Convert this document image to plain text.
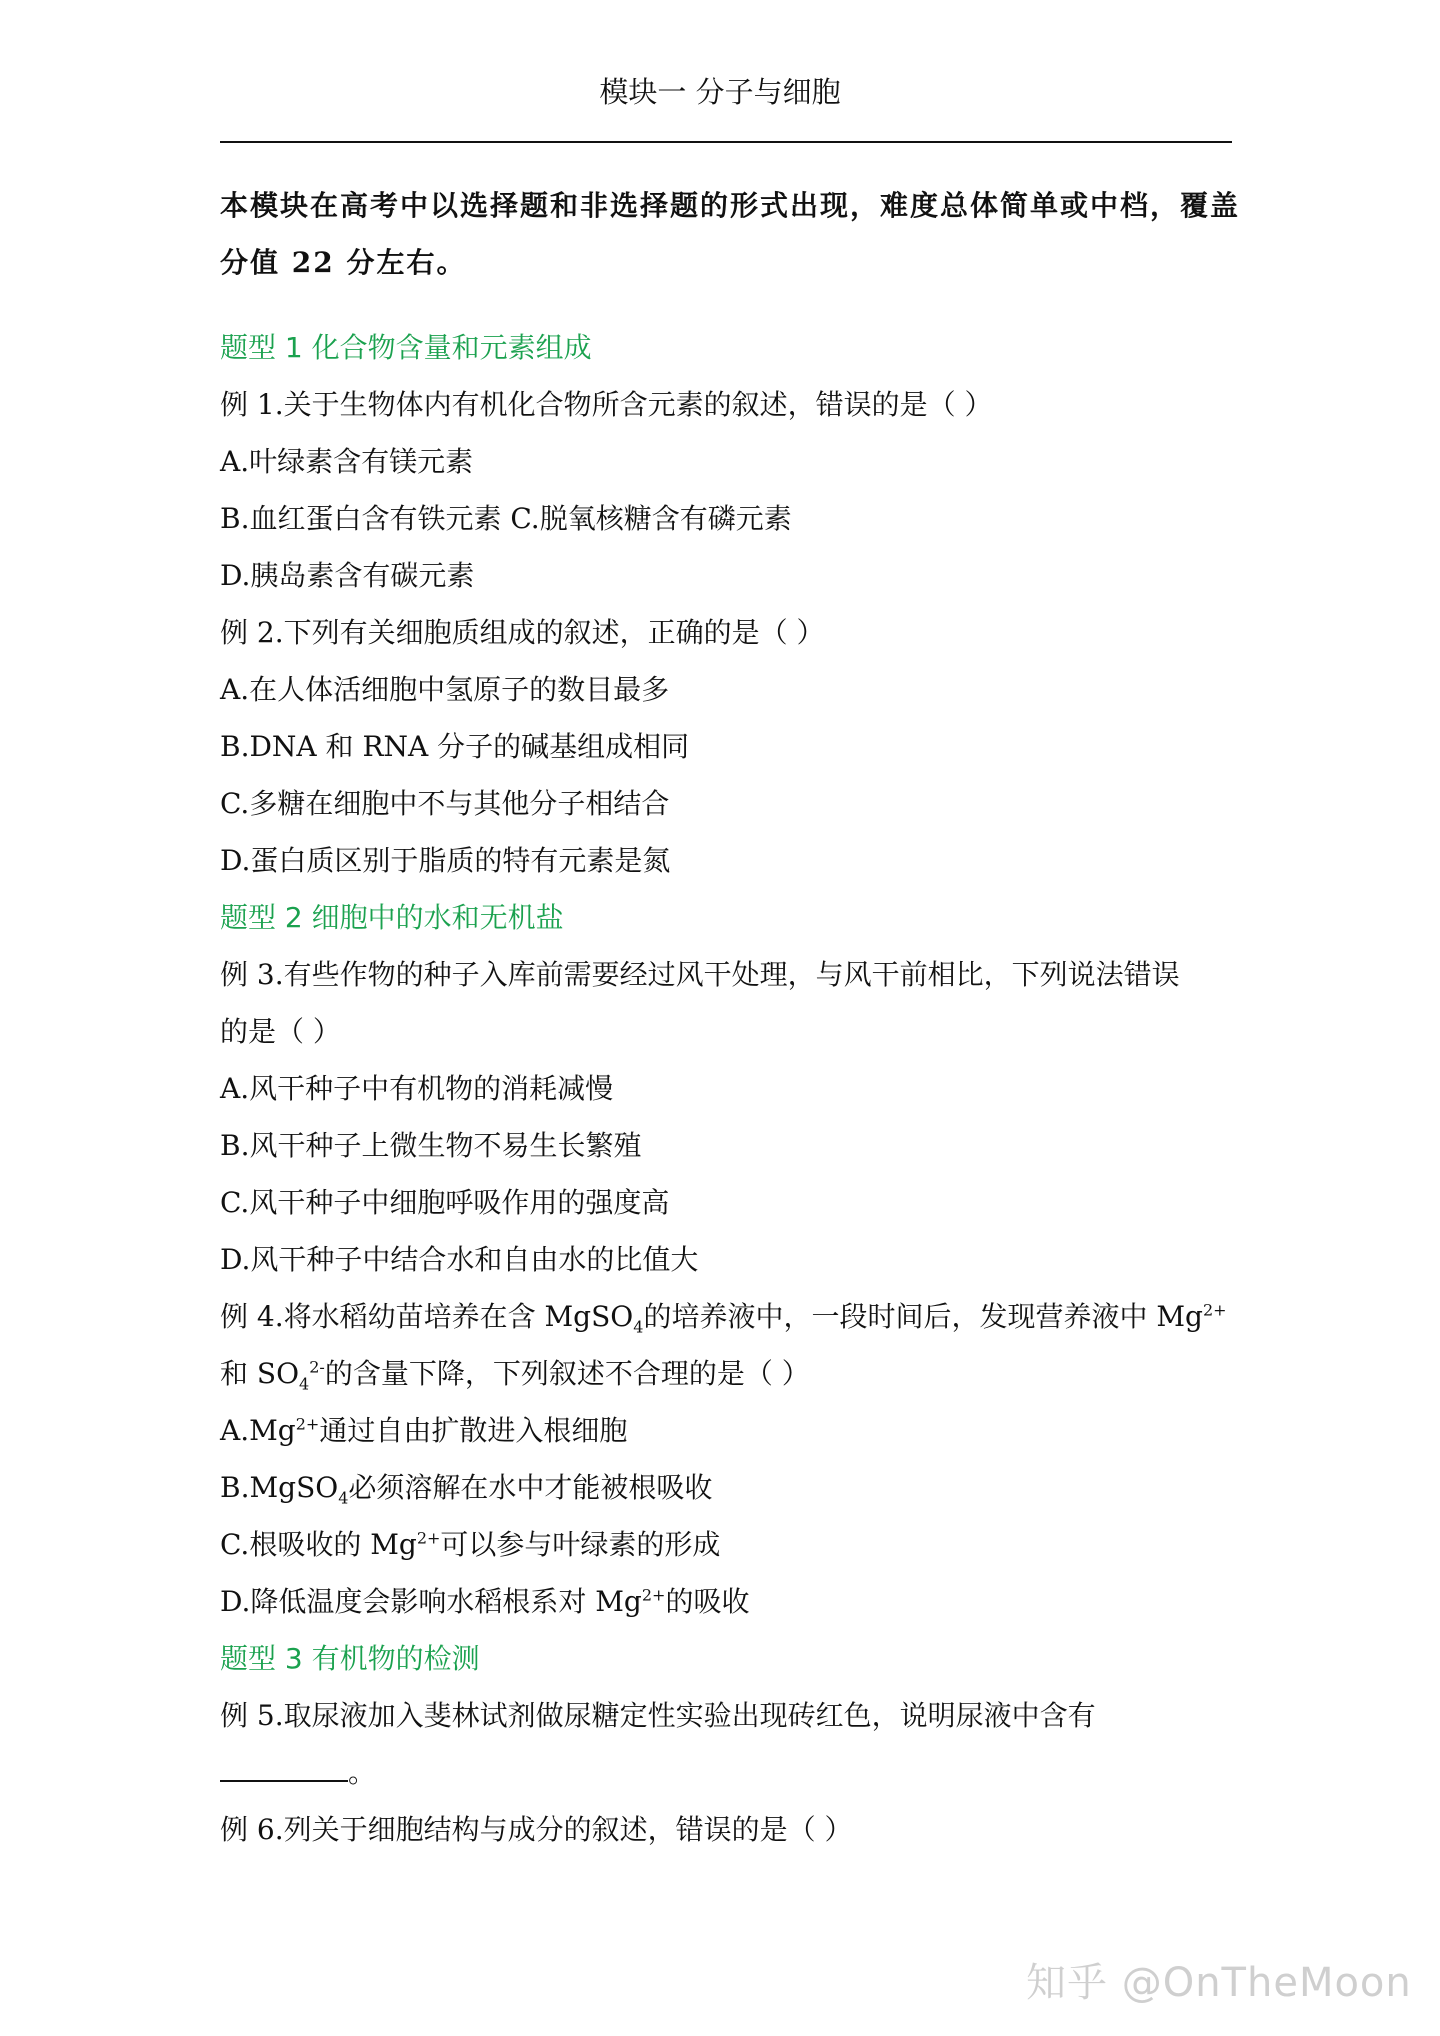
模块一 分子与细胞
本模块在高考中以选择题和非选择题的形式出现，难度总体简单或中档，覆盖
分值 22 分左右。
题型 1 化合物含量和元素组成
例 1.关于生物体内有机化合物所含元素的叙述，错误的是（ ）
A.叶绿素含有镁元素
B.血红蛋白含有铁元素 C.脱氧核糖含有磷元素
D.胰岛素含有碳元素
例 2.下列有关细胞质组成的叙述，正确的是（ ）
A.在人体活细胞中氢原子的数目最多
B.DNA 和 RNA 分子的碱基组成相同
C.多糖在细胞中不与其他分子相结合
D.蛋白质区别于脂质的特有元素是氮
题型 2 细胞中的水和无机盐
例 3.有些作物的种子入库前需要经过风干处理，与风干前相比，下列说法错误
的是（ ）
A.风干种子中有机物的消耗减慢
B.风干种子上微生物不易生长繁殖
C.风干种子中细胞呼吸作用的强度高
D.风干种子中结合水和自由水的比值大
例 4.将水稻幼苗培养在含 MgSO$_4$的培养液中，一段时间后，发现营养液中 $Mg^{2+}$
和 $SO_4^{2-}$的含量下降，下列叙述不合理的是（ ）
$A.Mg^{2+}$通过自由扩散进入根细胞
B.MgSO$_4$必须溶解在水中才能被根吸收
C.根吸收的 $Mg^{2+}$可以参与叶绿素的形成
D.降低温度会影响水稻根系对 $Mg^{2+}$的吸收
题型 3 有机物的检测
例 5.取尿液加入斐林试剂做尿糖定性实验出现砖红色，说明尿液中含有
。
例 6.列关于细胞结构与成分的叙述，错误的是（ ）
知乎 @OnTheMoon
